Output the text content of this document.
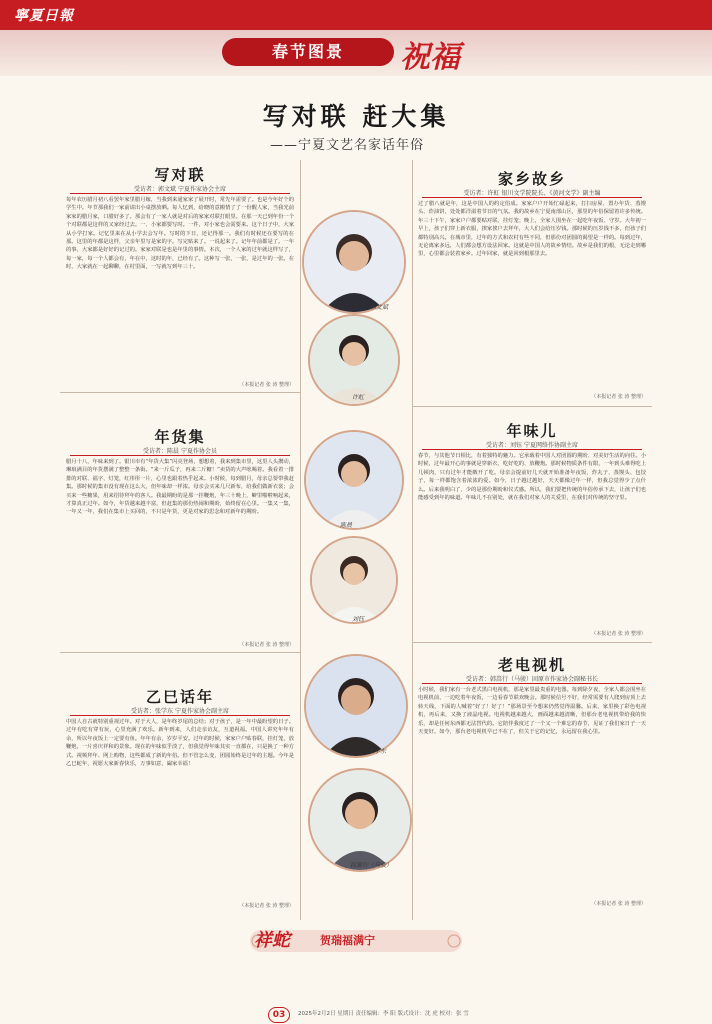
寧夏日報
春节图景	祝福
写对联 赶大集
——宁夏文艺名家话年俗
写对联
受访者：郭文斌 宁夏作家协会主席
每年农历腊月初八看罢年家里腊月嫁，当我到来通家家了展开时，常先年需要了。也是今年好个的学生中。年节那我们一家前请出小桌摆放晒。每人忆到，给晓的意搬情了了一份醒人家，当我光前家家的腊月家，口腊好多了。那会有了一家人就是对后的家家对联打眼里。在那一天已到年份一个个对联都是这样的又家经过去。一、小家都要写时。一件，对小家也会需要来。这个日子中，大家从小学打家。记忆里来在从小学去会写年。写时的下日，还记得那一。我们有时候还在要写的在那。这里的年都是这样，父亲年里写是家的字。写完贴来了。一说起来了。记年年前都是了。一年的事，大家都是好好的记过的。家家对联是也是年里的事情。本次，一个人家的过年就这样写了，每一家，每一个人都会有，年在中，这时的年，已经有了。这种写一张，一张，是过年的一张。在时，大家就在一起聊聊，在村里面，一写就写到年三十。
（本报记者 张 涛 整理）
年货集
受访者：陈晨 宁夏作协会员
腊月十八，年味来到了。银川市有“年货大集”闪亮登场，想想着，我来到集市里，这里人头攒动，琳琅满目的年货摆满了整整一条街。“来一斤瓜子，再来二斤糖！”卖货的大声吆喝着。我看着一排排的对联、福字、灯笼，红彤彤一片，心里也跟着热乎起来。小时候，每到腊月，母亲总要带我赶集。那时候的集市没有现在这么大，但年味却一样浓。母亲会买来几尺新布，给我们做新衣裳；会买来一些糖果，用来招待拜年的客人。我最期盼的是那一挂鞭炮，年三十晚上，噼里啪啦响起来，才算真正过年。如今，年货越来越丰富，但赶集的那份热闹和期盼，始终留在心里。一集又一集，一年又一年，我们在集市上买回的，不只是年货，更是对家的思念和对新年的期盼。
（本报记者 张 涛 整理）
乙巳话年
受访者：张学东 宁夏作家协会副主席
中国人自古就特别重视过年。对于大人，是年终岁尾的总结；对于孩子，是一年中最盼望的日子。过年有吃有穿有玩，心里充满了欢乐。新年到来，人们走亲访友，互道祝福。中国人讲究年年有余，所以年夜饭上一定要有鱼。年年有余，岁岁平安。过年的时候，家家户户贴春联，挂灯笼，放鞭炮，一片喜庆祥和的景象。现在的年味似乎淡了，但我觉得年味其实一直都在，只是换了一种方式。视频拜年、网上购物，这些都成了新的年俗。但不管怎么变，团圆始终是过年的主题。今年是乙巳蛇年，祝愿大家新春快乐，万事如意，阖家幸福！
（本报记者 张 涛 整理）
家乡故乡
受访者：许虹 银川文学院院长、《黄河文学》副主编
过了腊八就是年，这是中国人的约定俗成。家家户户开始忙碌起来，打扫房屋、置办年货、蒸馒头、炸油饼，处处都洋溢着节日的气氛。我的故乡在宁夏南部山区，那里的年俗保留着许多传统。年三十下午，家家户户都要贴对联、挂灯笼；晚上，全家人围坐在一起吃年夜饭、守岁。大年初一早上，孩子们穿上新衣服，挨家挨户去拜年，大人们会给压岁钱。那时候的压岁钱不多，但孩子们都特别高兴。在城市里，过年的方式和农村有些不同，但那份对团圆的渴望是一样的。每到过年，无论离家多远，人们都会想方设法回家。这就是中国人的故乡情结。故乡是我们的根，无论走到哪里，心里都会装着家乡。过年回家，就是回到根那里去。
（本报记者 张 涛 整理）
年味儿
受访者：刘钰 宁夏网络作协副主席
春节，与其他节日相比，有着独特的魅力。它承载着中国人对团圆的期盼、对美好生活的向往。小时候，过年最开心的事就是穿新衣、吃好吃的、放鞭炮。那时候物质条件有限，一年到头难得吃上几顿肉，只有过年才能敞开了吃。母亲会提前好几天就开始准备年夜饭，炸丸子、蒸馒头、包饺子，每一样都饱含着浓浓的爱。如今，日子越过越好，天天都像过年一样，但我总觉得少了点什么。后来我明白了，少的是那份期盼和仪式感。所以，我们要把传统的年俗传承下去，让孩子们也能感受到年的味道。年味儿不在别处，就在我们对家人的关爱里，在我们对传统的坚守里。
（本报记者 张 涛 整理）
老电视机
受访者：韩嵩行（马骏）固原市作家协会副秘书长
小时候，我们家有一台老式黑白电视机，那是家里最贵重的电器。每到除夕夜，全家人都会围坐在电视机前，一边吃着年夜饭，一边看春节联欢晚会。那时候信号不好，经常需要有人爬到房顶上去转天线，下面的人喊着“好了！好了！”那场景至今想来仍然觉得温馨。后来，家里换了彩色电视机，再后来，又换了液晶电视。电视机越来越大，画面越来越清晰，但那台老电视机带给我的快乐，却是任何东西都无法替代的。它陪伴我度过了一个又一个难忘的春节，见证了我们家日子一天天变好。如今，那台老电视机早已不在了，但关于它的记忆，永远留在我心里。
（本报记者 张 涛 整理）
郭文斌
许虹
陈晨
刘钰
张学东
韩嵩行（马骏）
祥蛇	贺瑞福满宁
03	2025年2月2日 星期日 责任编辑：李 阳 版式设计：沈 虎 校对：张 雪
